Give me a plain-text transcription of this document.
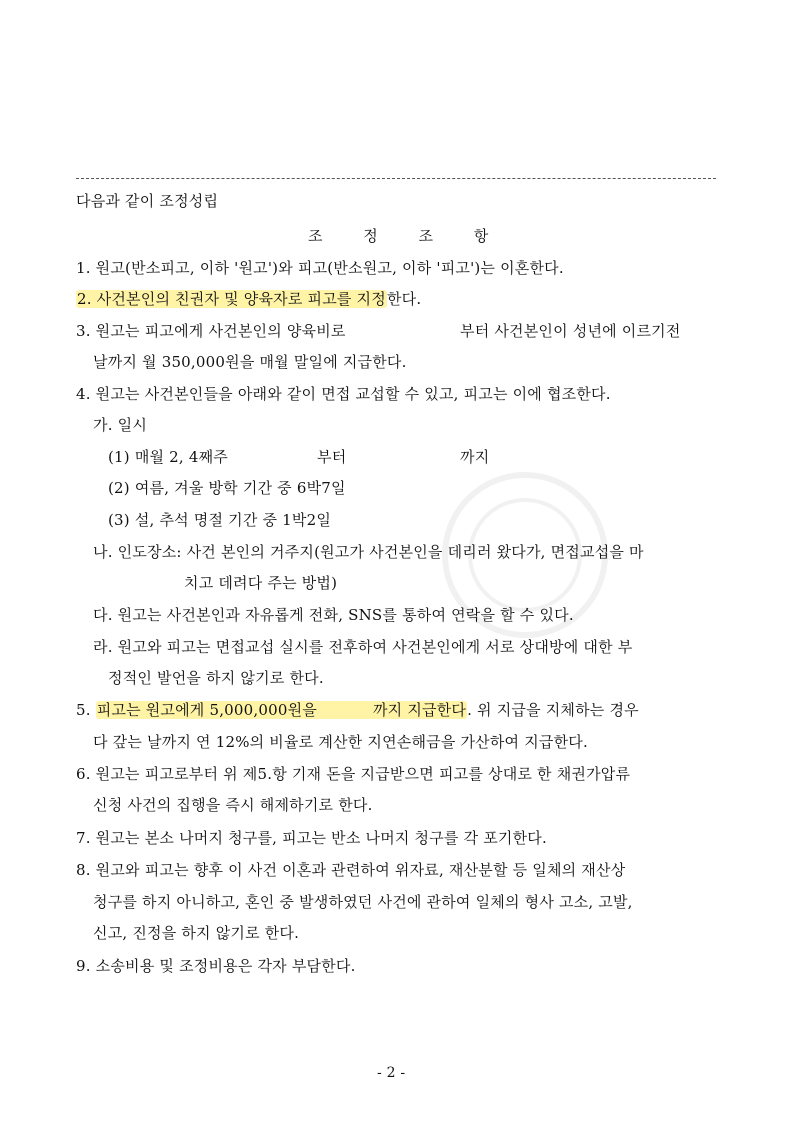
다음과 같이 조정성립
조 정 조 항
1. 원고(반소피고, 이하 '원고')와 피고(반소원고, 이하 '피고')는 이혼한다.
2. 사건본인의 친권자 및 양육자로 피고를 지정한다.
3. 원고는 피고에게 사건본인의 양육비로	부터 사건본인이 성년에 이르기전
날까지 월 350,000원을 매월 말일에 지급한다.
4. 원고는 사건본인들을 아래와 같이 면접 교섭할 수 있고, 피고는 이에 협조한다.
가. 일시
(1) 매월 2, 4째주	부터	까지
(2) 여름, 겨울 방학 기간 중 6박7일
(3) 설, 추석 명절 기간 중 1박2일
나. 인도장소: 사건 본인의 거주지(원고가 사건본인을 데리러 왔다가, 면접교섭을 마
치고 데려다 주는 방법)
다. 원고는 사건본인과 자유롭게 전화, SNS를 통하여 연락을 할 수 있다.
라. 원고와 피고는 면접교섭 실시를 전후하여 사건본인에게 서로 상대방에 대한 부
정적인 발언을 하지 않기로 한다.
5. 피고는 원고에게 5,000,000원을	까지 지급한다. 위 지급을 지체하는 경우
다 갚는 날까지 연 12%의 비율로 계산한 지연손해금을 가산하여 지급한다.
6. 원고는 피고로부터 위 제5.항 기재 돈을 지급받으면 피고를 상대로 한 채권가압류
신청 사건의 집행을 즉시 해제하기로 한다.
7. 원고는 본소 나머지 청구를, 피고는 반소 나머지 청구를 각 포기한다.
8. 원고와 피고는 향후 이 사건 이혼과 관련하여 위자료, 재산분할 등 일체의 재산상
청구를 하지 아니하고, 혼인 중 발생하였던 사건에 관하여 일체의 형사 고소, 고발,
신고, 진정을 하지 않기로 한다.
9. 소송비용 및 조정비용은 각자 부담한다.
- 2 -
